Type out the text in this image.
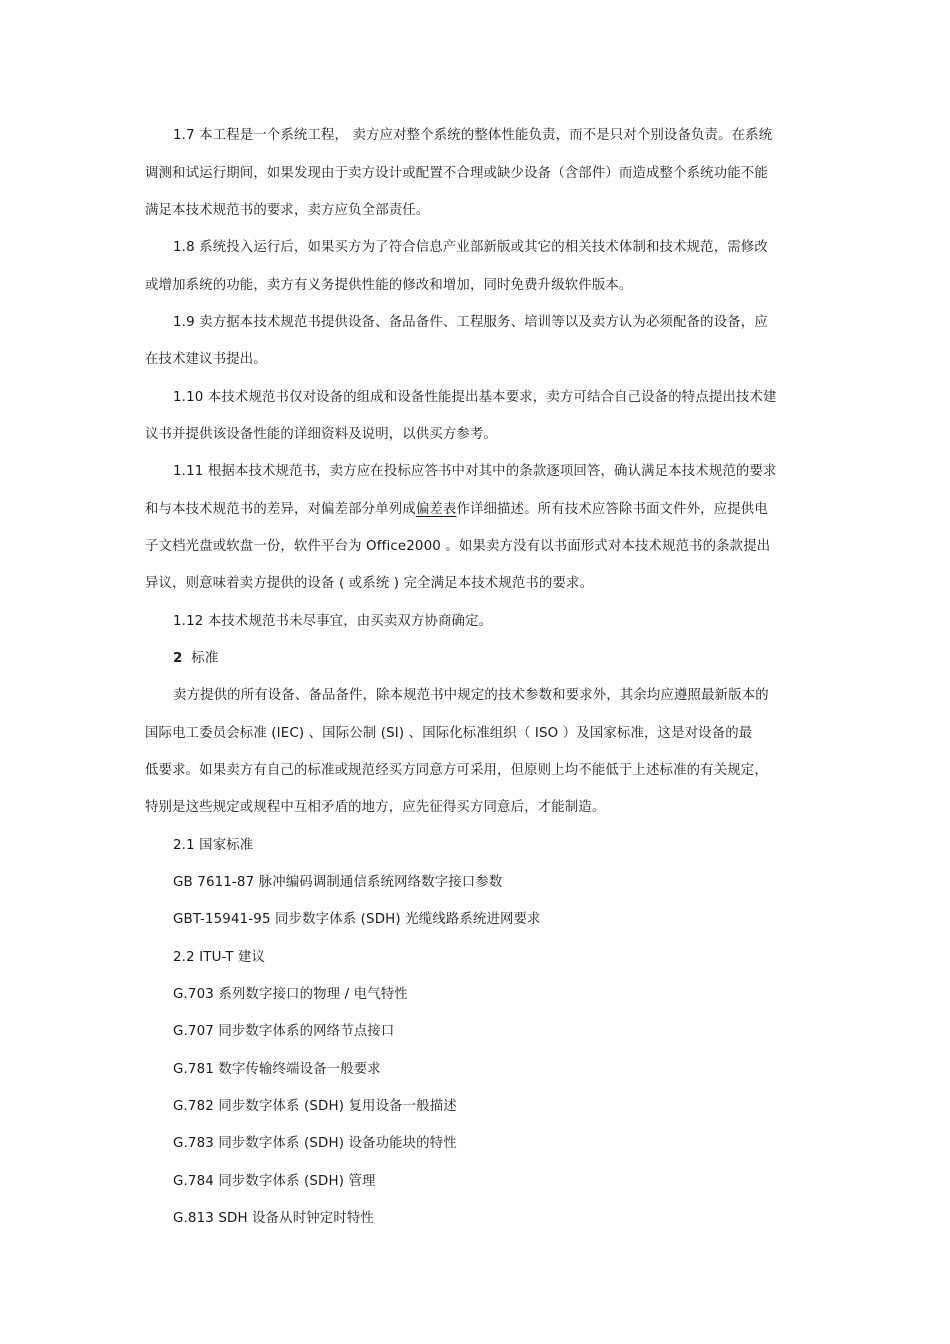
1.7 本工程是一个系统工程， 卖方应对整个系统的整体性能负责，而不是只对个别设备负责。在系统
调测和试运行期间，如果发现由于卖方设计或配置不合理或缺少设备（含部件）而造成整个系统功能不能
满足本技术规范书的要求，卖方应负全部责任。
1.8 系统投入运行后，如果买方为了符合信息产业部新版或其它的相关技术体制和技术规范，需修改
或增加系统的功能，卖方有义务提供性能的修改和增加，同时免费升级软件版本。
1.9 卖方据本技术规范书提供设备、备品备件、工程服务、培训等以及卖方认为必须配备的设备，应
在技术建议书提出。
1.10 本技术规范书仅对设备的组成和设备性能提出基本要求，卖方可结合自己设备的特点提出技术建
议书并提供该设备性能的详细资料及说明，以供买方参考。
1.11 根据本技术规范书，卖方应在投标应答书中对其中的条款逐项回答，确认满足本技术规范的要求
和与本技术规范书的差异，对偏差部分单列成偏差表作详细描述。所有技术应答除书面文件外，应提供电
子文档光盘或软盘一份，软件平台为 Office2000 。如果卖方没有以书面形式对本技术规范书的条款提出
异议，则意味着卖方提供的设备 ( 或系统 ) 完全满足本技术规范书的要求。
1.12 本技术规范书未尽事宜，由买卖双方协商确定。
2 标准
卖方提供的所有设备、备品备件，除本规范书中规定的技术参数和要求外，其余均应遵照最新版本的
国际电工委员会标准 (IEC) 、国际公制 (SI) 、国际化标准组织（ ISO ）及国家标准，这是对设备的最
低要求。如果卖方有自己的标准或规范经买方同意方可采用，但原则上均不能低于上述标准的有关规定，
特别是这些规定或规程中互相矛盾的地方，应先征得买方同意后，才能制造。
2.1 国家标准
GB 7611-87 脉冲编码调制通信系统网络数字接口参数
GBT-15941-95 同步数字体系 (SDH) 光缆线路系统进网要求
2.2 ITU-T 建议
G.703 系列数字接口的物理 / 电气特性
G.707 同步数字体系的网络节点接口
G.781 数字传输终端设备一般要求
G.782 同步数字体系 (SDH) 复用设备一般描述
G.783 同步数字体系 (SDH) 设备功能块的特性
G.784 同步数字体系 (SDH) 管理
G.813 SDH 设备从时钟定时特性
